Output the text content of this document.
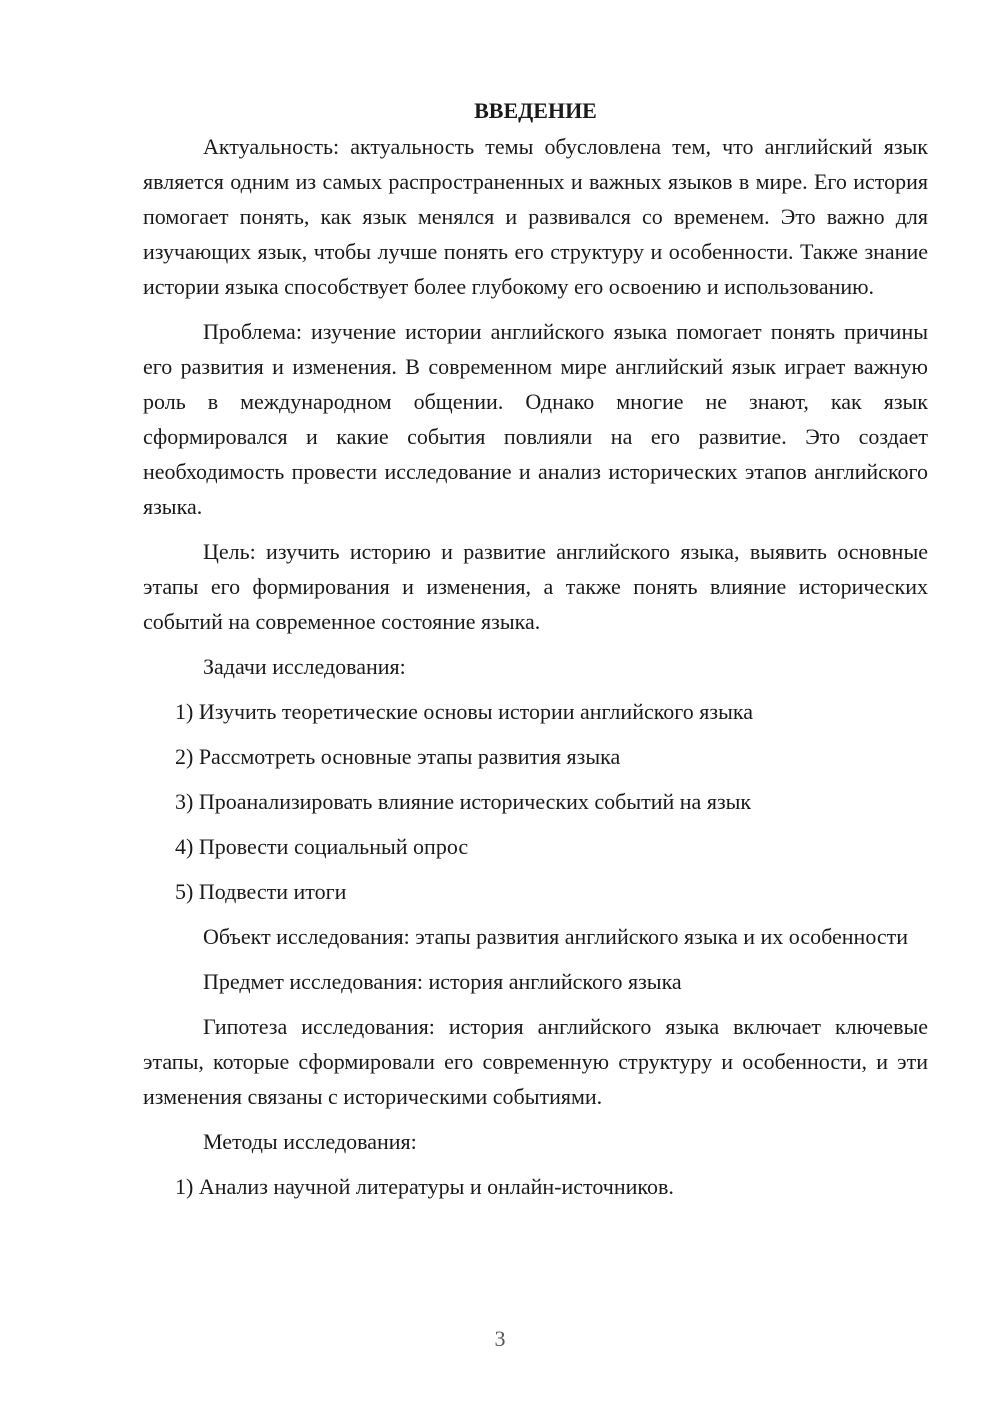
ВВЕДЕНИЕ

Актуальность: актуальность темы обусловлена тем, что английский язык является одним из самых распространенных и важных языков в мире. Его история помогает понять, как язык менялся и развивался со временем. Это важно для изучающих язык, чтобы лучше понять его структуру и особенности. Также знание истории языка способствует более глубокому его освоению и использованию.

Проблема: изучение истории английского языка помогает понять причины его развития и изменения. В современном мире английский язык играет важную роль в международном общении. Однако многие не знают, как язык сформировался и какие события повлияли на его развитие. Это создает необходимость провести исследование и анализ исторических этапов английского языка.

Цель: изучить историю и развитие английского языка, выявить основные этапы его формирования и изменения, а также понять влияние исторических событий на современное состояние языка.

Задачи исследования:

1) Изучить теоретические основы истории английского языка

2) Рассмотреть основные этапы развития языка

3) Проанализировать влияние исторических событий на язык

4) Провести социальный опрос

5) Подвести итоги

Объект исследования: этапы развития английского языка и их особенности

Предмет исследования: история английского языка

Гипотеза исследования: история английского языка включает ключевые этапы, которые сформировали его современную структуру и особенности, и эти изменения связаны с историческими событиями.

Методы исследования:

1) Анализ научной литературы и онлайн-источников.

3
